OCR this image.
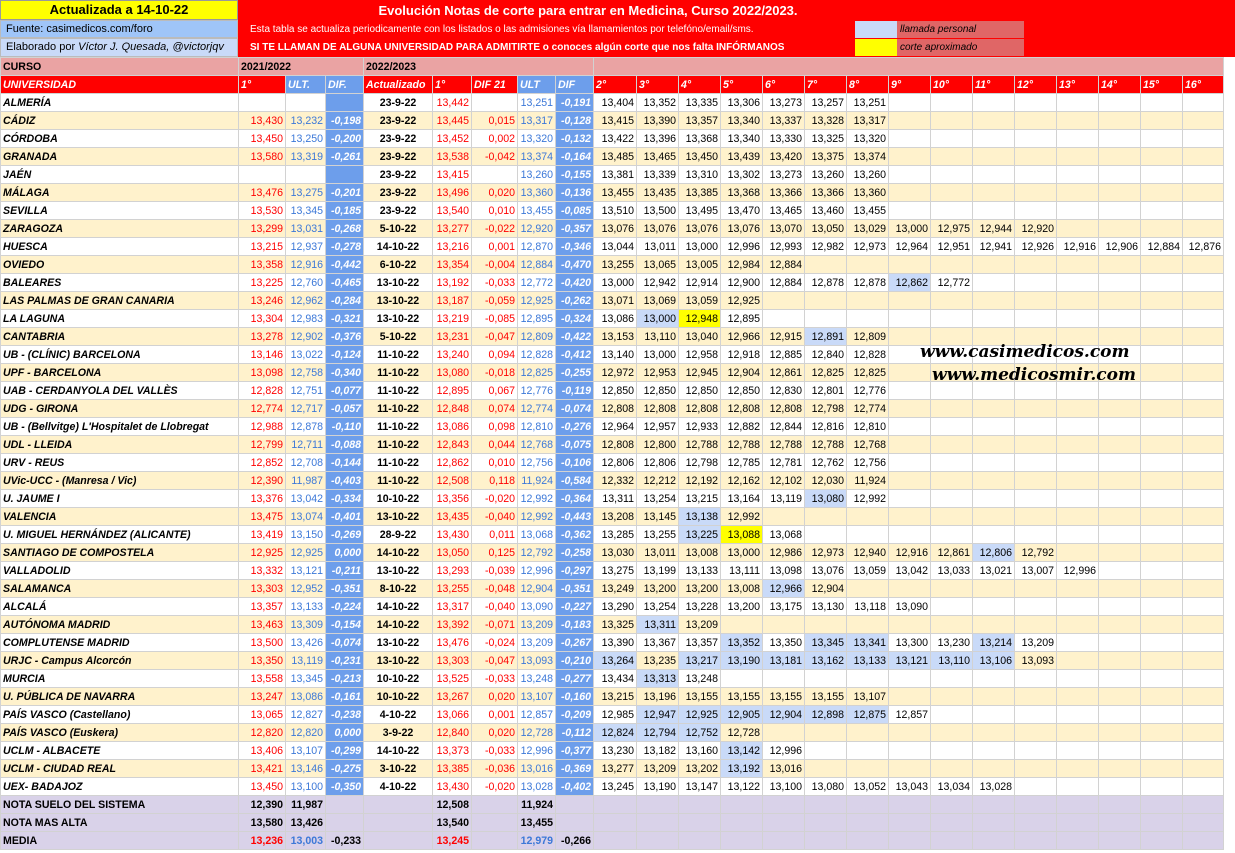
Actualizada a 14-10-22
Fuente: casimedicos.com/foro
Elaborado por Víctor J. Quesada, @victorjqv
Evolución Notas de corte para entrar en Medicina, Curso 2022/2023.
Esta tabla se actualiza periodicamente con los listados o las admisiones vía llamamientos por telefóno/email/sms.
SI TE LLAMAN DE ALGUNA UNIVERSIDAD PARA ADMITIRTE o conoces algún corte que nos falta INFÓRMANOS
llamada personal
corte aproximado
CURSO	2021/2022			2022/2023																			
UNIVERSIDAD	1°	ULT.	DIF.	Actualizado	1°	DIF 21	ULT	DIF	2°	3°	4°	5°	6°	7°	8°	9°	10°	11°	12°	13°	14°	15°	16°
ALMERÍA				23-9-22	13,442		13,251	-0,191	13,404	13,352	13,335	13,306	13,273	13,257	13,251								
CÁDIZ	13,430	13,232	-0,198	23-9-22	13,445	0,015	13,317	-0,128	13,415	13,390	13,357	13,340	13,337	13,328	13,317								
CÓRDOBA	13,450	13,250	-0,200	23-9-22	13,452	0,002	13,320	-0,132	13,422	13,396	13,368	13,340	13,330	13,325	13,320								
GRANADA	13,580	13,319	-0,261	23-9-22	13,538	-0,042	13,374	-0,164	13,485	13,465	13,450	13,439	13,420	13,375	13,374								
JAÉN				23-9-22	13,415		13,260	-0,155	13,381	13,339	13,310	13,302	13,273	13,260	13,260								
MÁLAGA	13,476	13,275	-0,201	23-9-22	13,496	0,020	13,360	-0,136	13,455	13,435	13,385	13,368	13,366	13,366	13,360								
SEVILLA	13,530	13,345	-0,185	23-9-22	13,540	0,010	13,455	-0,085	13,510	13,500	13,495	13,470	13,465	13,460	13,455								
ZARAGOZA	13,299	13,031	-0,268	5-10-22	13,277	-0,022	12,920	-0,357	13,076	13,076	13,076	13,076	13,070	13,050	13,029	13,000	12,975	12,944	12,920				
HUESCA	13,215	12,937	-0,278	14-10-22	13,216	0,001	12,870	-0,346	13,044	13,011	13,000	12,996	12,993	12,982	12,973	12,964	12,951	12,941	12,926	12,916	12,906	12,884	12,876
OVIEDO	13,358	12,916	-0,442	6-10-22	13,354	-0,004	12,884	-0,470	13,255	13,065	13,005	12,984	12,884										
BALEARES	13,225	12,760	-0,465	13-10-22	13,192	-0,033	12,772	-0,420	13,000	12,942	12,914	12,900	12,884	12,878	12,878	12,862	12,772						
LAS PALMAS DE GRAN CANARIA	13,246	12,962	-0,284	13-10-22	13,187	-0,059	12,925	-0,262	13,071	13,069	13,059	12,925											
LA LAGUNA	13,304	12,983	-0,321	13-10-22	13,219	-0,085	12,895	-0,324	13,086	13,000	12,948	12,895											
CANTABRIA	13,278	12,902	-0,376	5-10-22	13,231	-0,047	12,809	-0,422	13,153	13,110	13,040	12,966	12,915	12,891	12,809								
UB - (CLÍNIC) BARCELONA	13,146	13,022	-0,124	11-10-22	13,240	0,094	12,828	-0,412	13,140	13,000	12,958	12,918	12,885	12,840	12,828								
UPF - BARCELONA	13,098	12,758	-0,340	11-10-22	13,080	-0,018	12,825	-0,255	12,972	12,953	12,945	12,904	12,861	12,825	12,825								
UAB - CERDANYOLA DEL VALLÈS	12,828	12,751	-0,077	11-10-22	12,895	0,067	12,776	-0,119	12,850	12,850	12,850	12,850	12,830	12,801	12,776								
UDG - GIRONA	12,774	12,717	-0,057	11-10-22	12,848	0,074	12,774	-0,074	12,808	12,808	12,808	12,808	12,808	12,798	12,774								
UB - (Bellvitge) L'Hospitalet de Llobregat	12,988	12,878	-0,110	11-10-22	13,086	0,098	12,810	-0,276	12,964	12,957	12,933	12,882	12,844	12,816	12,810								
UDL - LLEIDA	12,799	12,711	-0,088	11-10-22	12,843	0,044	12,768	-0,075	12,808	12,800	12,788	12,788	12,788	12,788	12,768								
URV - REUS	12,852	12,708	-0,144	11-10-22	12,862	0,010	12,756	-0,106	12,806	12,806	12,798	12,785	12,781	12,762	12,756								
UVic-UCC - (Manresa / Vic)	12,390	11,987	-0,403	11-10-22	12,508	0,118	11,924	-0,584	12,332	12,212	12,192	12,162	12,102	12,030	11,924								
U. JAUME I	13,376	13,042	-0,334	10-10-22	13,356	-0,020	12,992	-0,364	13,311	13,254	13,215	13,164	13,119	13,080	12,992								
VALENCIA	13,475	13,074	-0,401	13-10-22	13,435	-0,040	12,992	-0,443	13,208	13,145	13,138	12,992											
U. MIGUEL HERNÁNDEZ (ALICANTE)	13,419	13,150	-0,269	28-9-22	13,430	0,011	13,068	-0,362	13,285	13,255	13,225	13,088	13,068										
SANTIAGO DE COMPOSTELA	12,925	12,925	0,000	14-10-22	13,050	0,125	12,792	-0,258	13,030	13,011	13,008	13,000	12,986	12,973	12,940	12,916	12,861	12,806	12,792				
VALLADOLID	13,332	13,121	-0,211	13-10-22	13,293	-0,039	12,996	-0,297	13,275	13,199	13,133	13,111	13,098	13,076	13,059	13,042	13,033	13,021	13,007	12,996			
SALAMANCA	13,303	12,952	-0,351	8-10-22	13,255	-0,048	12,904	-0,351	13,249	13,200	13,200	13,008	12,966	12,904									
ALCALÁ	13,357	13,133	-0,224	14-10-22	13,317	-0,040	13,090	-0,227	13,290	13,254	13,228	13,200	13,175	13,130	13,118	13,090							
AUTÓNOMA MADRID	13,463	13,309	-0,154	14-10-22	13,392	-0,071	13,209	-0,183	13,325	13,311	13,209												
COMPLUTENSE MADRID	13,500	13,426	-0,074	13-10-22	13,476	-0,024	13,209	-0,267	13,390	13,367	13,357	13,352	13,350	13,345	13,341	13,300	13,230	13,214	13,209				
URJC - Campus Alcorcón	13,350	13,119	-0,231	13-10-22	13,303	-0,047	13,093	-0,210	13,264	13,235	13,217	13,190	13,181	13,162	13,133	13,121	13,110	13,106	13,093				
MURCIA	13,558	13,345	-0,213	10-10-22	13,525	-0,033	13,248	-0,277	13,434	13,313	13,248												
U. PÚBLICA DE NAVARRA	13,247	13,086	-0,161	10-10-22	13,267	0,020	13,107	-0,160	13,215	13,196	13,155	13,155	13,155	13,155	13,107								
PAÍS VASCO (Castellano)	13,065	12,827	-0,238	4-10-22	13,066	0,001	12,857	-0,209	12,985	12,947	12,925	12,905	12,904	12,898	12,875	12,857							
PAÍS VASCO (Euskera)	12,820	12,820	0,000	3-9-22	12,840	0,020	12,728	-0,112	12,824	12,794	12,752	12,728											
UCLM - ALBACETE	13,406	13,107	-0,299	14-10-22	13,373	-0,033	12,996	-0,377	13,230	13,182	13,160	13,142	12,996										
UCLM - CIUDAD REAL	13,421	13,146	-0,275	3-10-22	13,385	-0,036	13,016	-0,369	13,277	13,209	13,202	13,192	13,016										
UEX- BADAJOZ	13,450	13,100	-0,350	4-10-22	13,430	-0,020	13,028	-0,402	13,245	13,190	13,147	13,122	13,100	13,080	13,052	13,043	13,034	13,028					
NOTA SUELO DEL SISTEMA	12,390	11,987			12,508		11,924																
NOTA MAS ALTA	13,580	13,426			13,540		13,455																
MEDIA	13,236	13,003	-0,233		13,245		12,979	-0,266															
www.casimedicos.com
www.medicosmir.com
